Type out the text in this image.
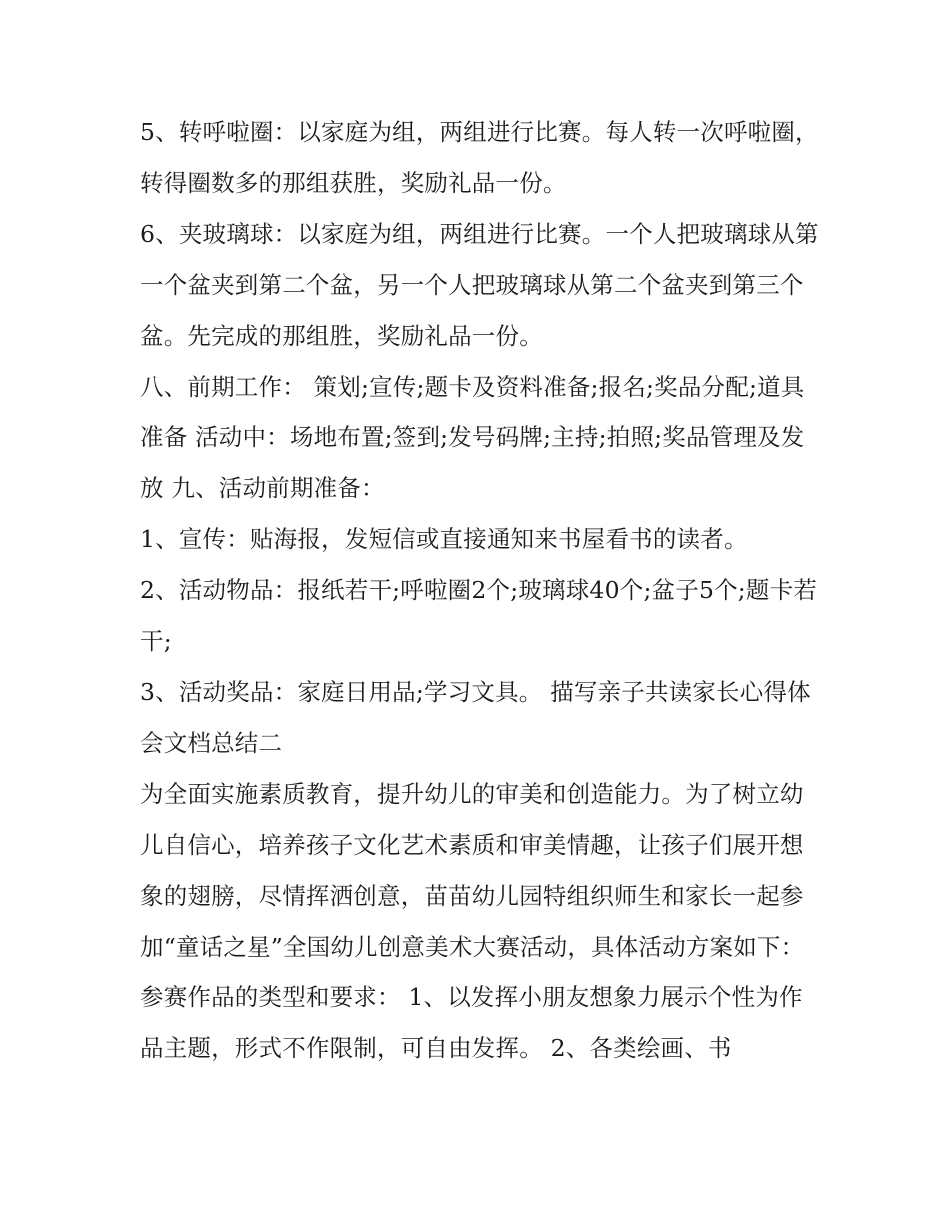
5、转呼啦圈：以家庭为组，两组进行比赛。每人转一次呼啦圈，转得圈数多的那组获胜，奖励礼品一份。

6、夹玻璃球：以家庭为组，两组进行比赛。一个人把玻璃球从第一个盆夹到第二个盆，另一个人把玻璃球从第二个盆夹到第三个盆。先完成的那组胜，奖励礼品一份。

八、前期工作： 策划;宣传;题卡及资料准备;报名;奖品分配;道具准备 活动中：场地布置;签到;发号码牌;主持;拍照;奖品管理及发放 九、活动前期准备：

1、宣传：贴海报，发短信或直接通知来书屋看书的读者。

2、活动物品：报纸若干;呼啦圈2个;玻璃球40个;盆子5个;题卡若干;

3、活动奖品：家庭日用品;学习文具。 描写亲子共读家长心得体会文档总结二

为全面实施素质教育，提升幼儿的审美和创造能力。为了树立幼儿自信心，培养孩子文化艺术素质和审美情趣，让孩子们展开想象的翅膀，尽情挥洒创意，苗苗幼儿园特组织师生和家长一起参加“童话之星”全国幼儿创意美术大赛活动，具体活动方案如下：

参赛作品的类型和要求： 1、以发挥小朋友想象力展示个性为作品主题，形式不作限制，可自由发挥。 2、各类绘画、书
